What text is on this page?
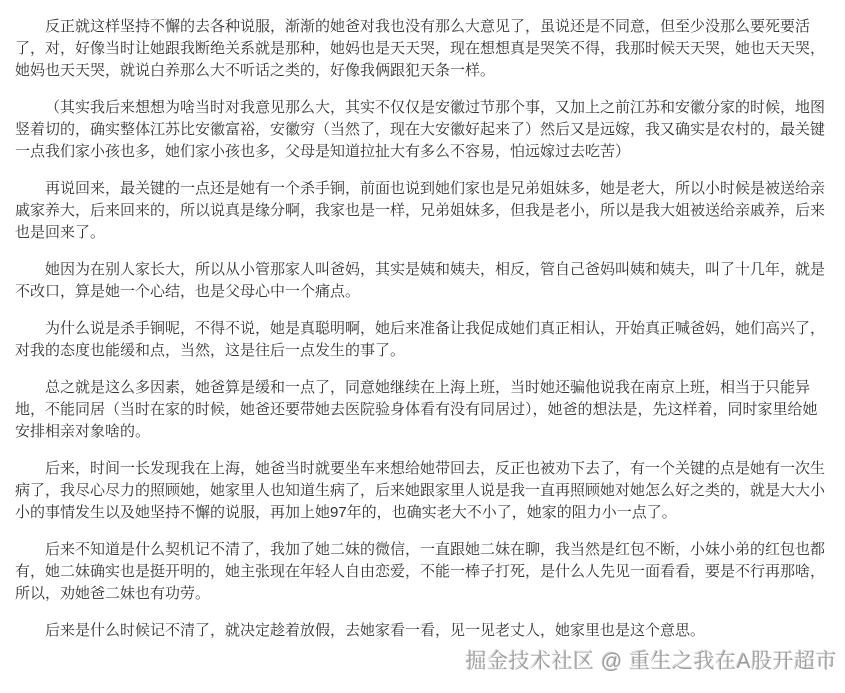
反正就这样坚持不懈的去各种说服，渐渐的她爸对我也没有那么大意见了，虽说还是不同意，但至少没那么要死要活了，对，好像当时让她跟我断绝关系就是那种，她妈也是天天哭，现在想想真是哭笑不得，我那时候天天哭，她也天天哭，她妈也天天哭，就说白养那么大不听话之类的，好像我俩跟犯天条一样。

（其实我后来想想为啥当时对我意见那么大，其实不仅仅是安徽过节那个事，又加上之前江苏和安徽分家的时候，地图竖着切的，确实整体江苏比安徽富裕，安徽穷（当然了，现在大安徽好起来了）然后又是远嫁，我又确实是农村的，最关键一点我们家小孩也多，她们家小孩也多，父母是知道拉扯大有多么不容易，怕远嫁过去吃苦）

再说回来，最关键的一点还是她有一个杀手锏，前面也说到她们家也是兄弟姐妹多，她是老大，所以小时候是被送给亲戚家养大，后来回来的，所以说真是缘分啊，我家也是一样，兄弟姐妹多，但我是老小，所以是我大姐被送给亲戚养，后来也是回来了。

她因为在别人家长大，所以从小管那家人叫爸妈，其实是姨和姨夫，相反，管自己爸妈叫姨和姨夫，叫了十几年，就是不改口，算是她一个心结，也是父母心中一个痛点。

为什么说是杀手锏呢，不得不说，她是真聪明啊，她后来准备让我促成她们真正相认，开始真正喊爸妈，她们高兴了，对我的态度也能缓和点，当然，这是往后一点发生的事了。

总之就是这么多因素，她爸算是缓和一点了，同意她继续在上海上班，当时她还骗他说我在南京上班，相当于只能异地，不能同居（当时在家的时候，她爸还要带她去医院验身体看有没有同居过），她爸的想法是，先这样着，同时家里给她安排相亲对象啥的。

后来，时间一长发现我在上海，她爸当时就要坐车来想给她带回去，反正也被劝下去了，有一个关键的点是她有一次生病了，我尽心尽力的照顾她，她家里人也知道生病了，后来她跟家里人说是我一直再照顾她对她怎么好之类的，就是大大小小的事情发生以及她坚持不懈的说服，再加上她97年的，也确实老大不小了，她家的阻力小一点了。

后来不知道是什么契机记不清了，我加了她二妹的微信，一直跟她二妹在聊，我当然是红包不断，小妹小弟的红包也都有，她二妹确实也是挺开明的，她主张现在年轻人自由恋爱，不能一棒子打死，是什么人先见一面看看，要是不行再那啥，所以，劝她爸二妹也有功劳。

后来是什么时候记不清了，就决定趁着放假，去她家看一看，见一见老丈人，她家里也是这个意思。

掘金技术社区 @ 重生之我在A股开超市
